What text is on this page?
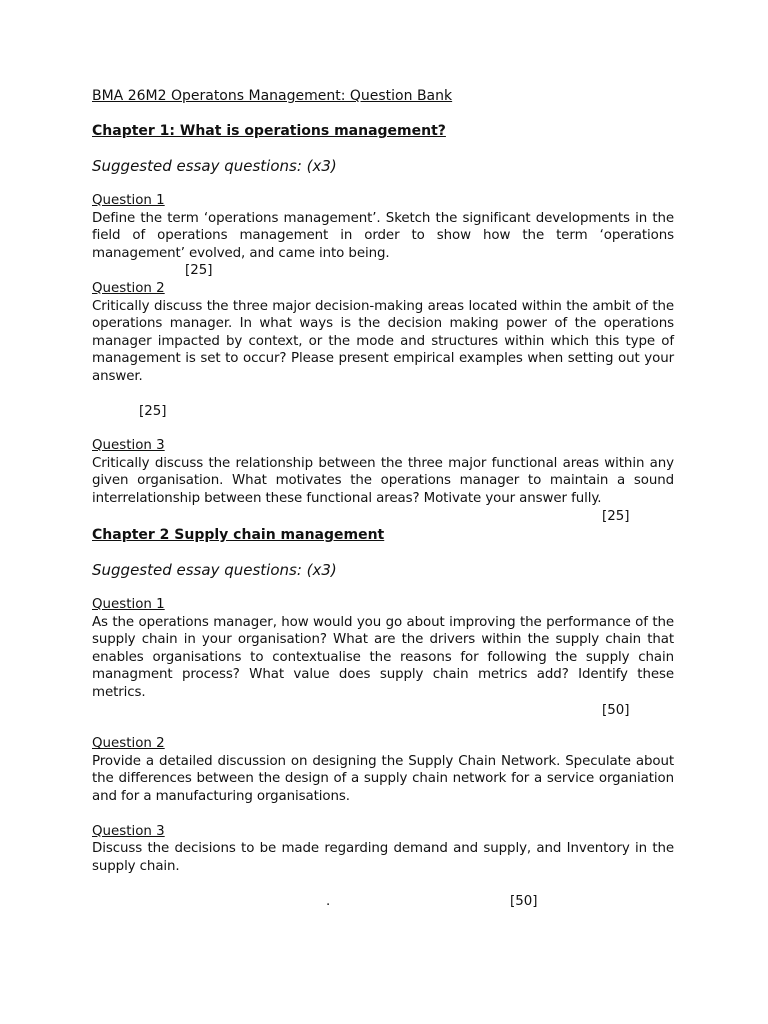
BMA 26M2 Operatons Management: Question Bank
Chapter 1: What is operations management?
Suggested essay questions: (x3)
Question 1
Define the term ‘operations management’. Sketch the significant developments in the field of operations management in order to show how the term ‘operations management’ evolved, and came into being.
[25]
Question 2
Critically discuss the three major decision-making areas located within the ambit of the operations manager. In what ways is the decision making power of the operations manager impacted by context, or the mode and structures within which this type of management is set to occur? Please present empirical examples when setting out your answer.
[25]
Question 3
Critically discuss the relationship between the three major functional areas within any given organisation. What motivates the operations manager to maintain a sound interrelationship between these functional areas? Motivate your answer fully.
[25]
Chapter 2 Supply chain management
Suggested essay questions: (x3)
Question 1
As the operations manager, how would you go about improving the performance of the supply chain in your organisation? What are the drivers within the supply chain that enables organisations to contextualise the reasons for following the supply chain managment process? What value does supply chain metrics add? Identify these metrics.
[50]
Question 2
Provide a detailed discussion on designing the Supply Chain Network. Speculate about the differences between the design of a supply chain network for a service organiation and for a manufacturing organisations.
Question 3
Discuss the decisions to be made regarding demand and supply, and Inventory in the supply chain.
.	[50]
